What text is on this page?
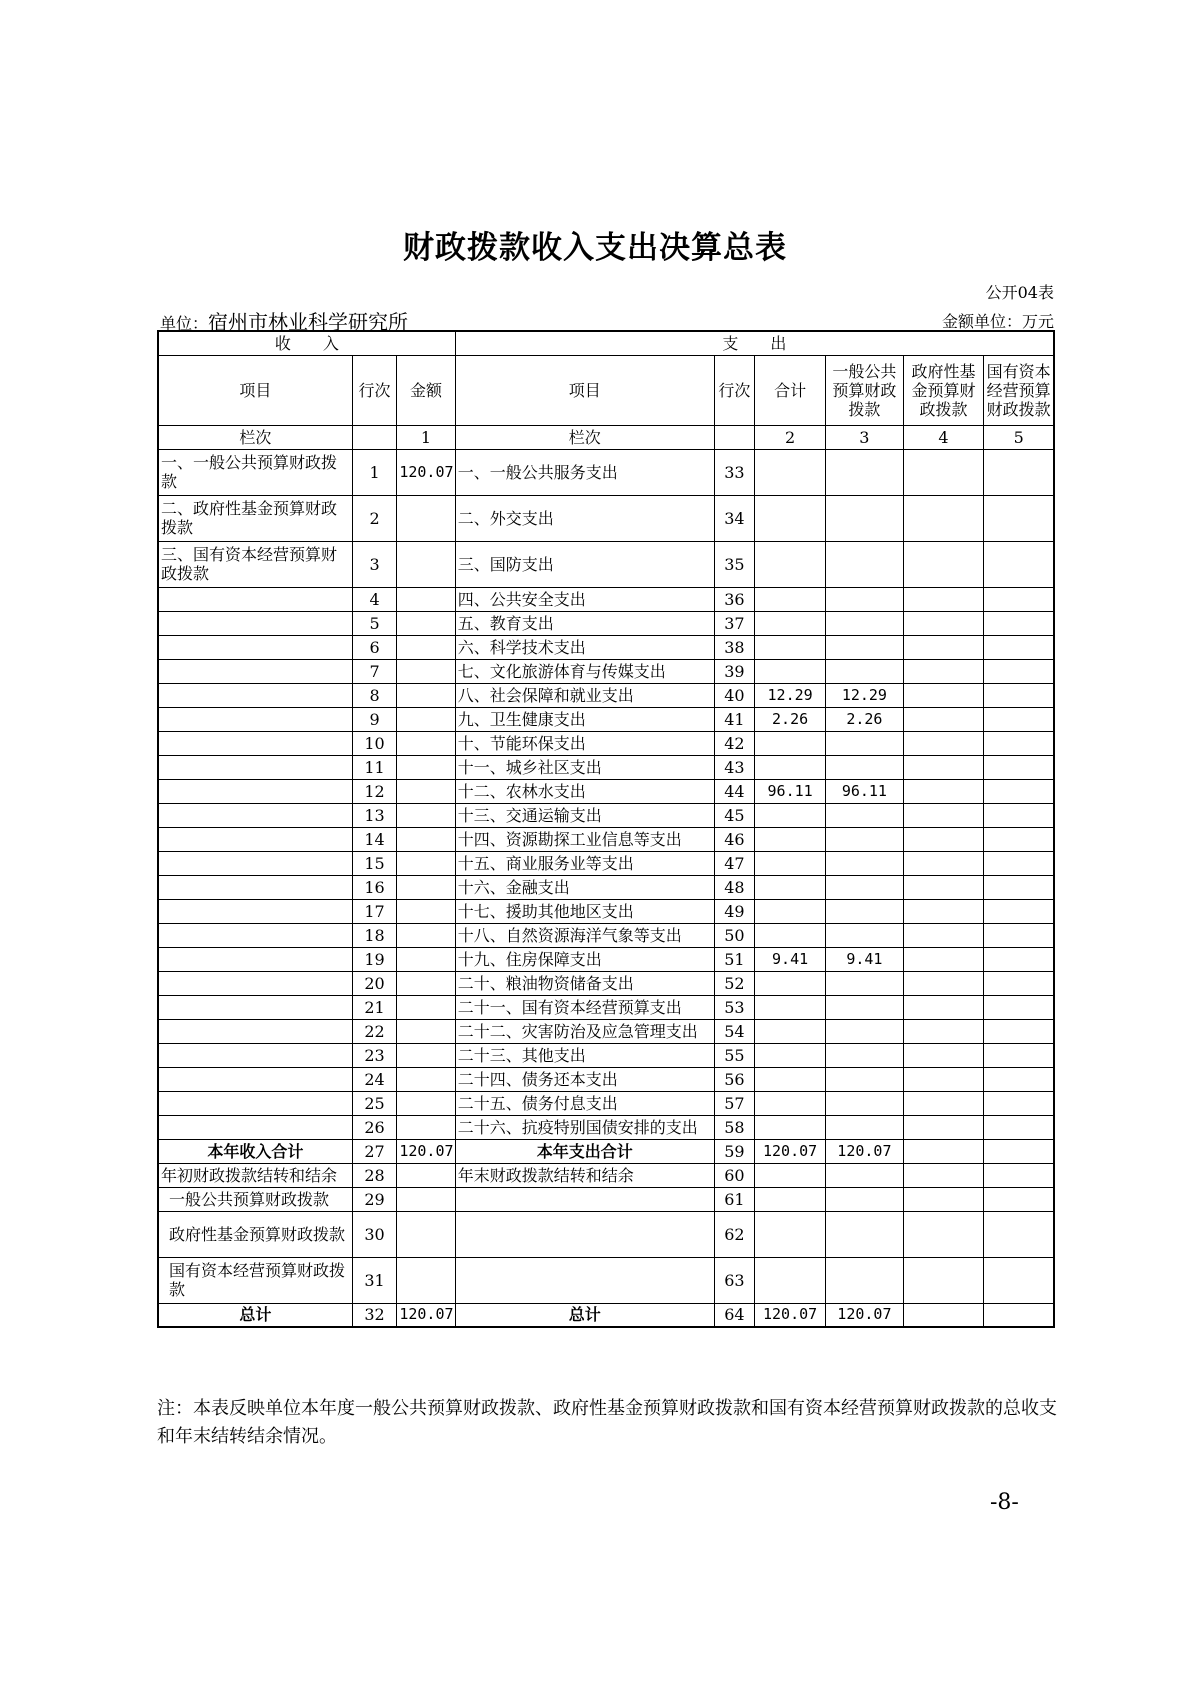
财政拨款收入支出决算总表
公开04表
单位：宿州市林业科学研究所	金额单位：万元
收　　入			支　　出					
项目	行次	金额	项目	行次	合计	一般公共预算财政拨款	政府性基金预算财政拨款	国有资本经营预算财政拨款
栏次		1	栏次		2	3	4	5
一、一般公共预算财政拨款	1	120.07	一、一般公共服务支出	33				
二、政府性基金预算财政拨款	2		二、外交支出	34				
三、国有资本经营预算财政拨款	3		三、国防支出	35				
	4		四、公共安全支出	36				
	5		五、教育支出	37				
	6		六、科学技术支出	38				
	7		七、文化旅游体育与传媒支出	39				
	8		八、社会保障和就业支出	40	12.29	12.29		
	9		九、卫生健康支出	41	2.26	2.26		
	10		十、节能环保支出	42				
	11		十一、城乡社区支出	43				
	12		十二、农林水支出	44	96.11	96.11		
	13		十三、交通运输支出	45				
	14		十四、资源勘探工业信息等支出	46				
	15		十五、商业服务业等支出	47				
	16		十六、金融支出	48				
	17		十七、援助其他地区支出	49				
	18		十八、自然资源海洋气象等支出	50				
	19		十九、住房保障支出	51	9.41	9.41		
	20		二十、粮油物资储备支出	52				
	21		二十一、国有资本经营预算支出	53				
	22		二十二、灾害防治及应急管理支出	54				
	23		二十三、其他支出	55				
	24		二十四、债务还本支出	56				
	25		二十五、债务付息支出	57				
	26		二十六、抗疫特别国债安排的支出	58				
本年收入合计	27	120.07	本年支出合计	59	120.07	120.07		
年初财政拨款结转和结余	28		年末财政拨款结转和结余	60				
一般公共预算财政拨款	29			61				
政府性基金预算财政拨款	30			62				
国有资本经营预算财政拨款	31			63				
总计	32	120.07	总计	64	120.07	120.07		
注：本表反映单位本年度一般公共预算财政拨款、政府性基金预算财政拨款和国有资本经营预算财政拨款的总收支和年末结转结余情况。
-8-
